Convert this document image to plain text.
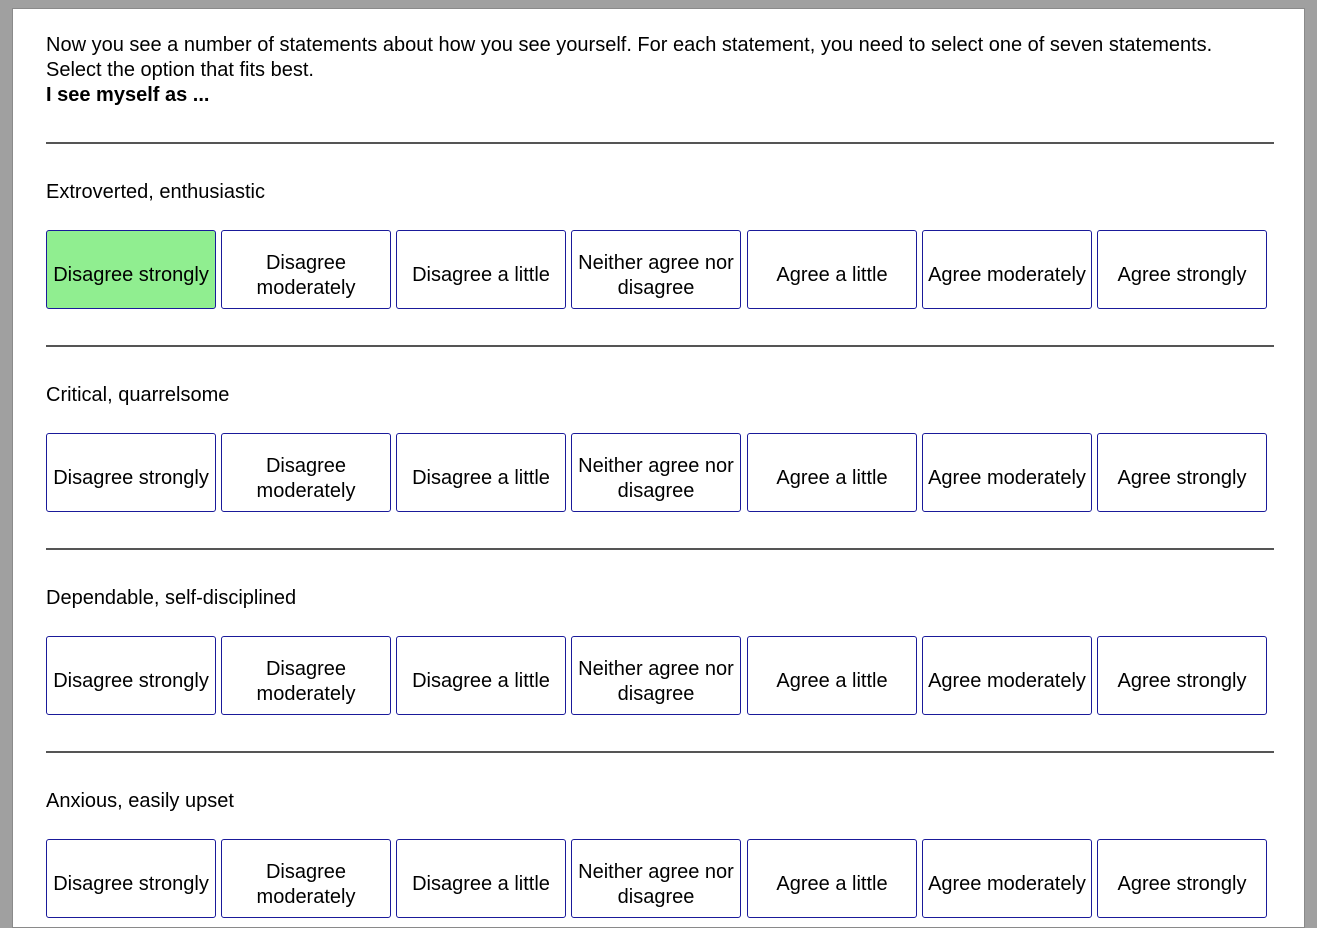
Now you see a number of statements about how you see yourself. For each statement, you need to select one of seven statements. Select the option that fits best.
I see myself as ...
Extroverted, enthusiastic
Disagree strongly
Disagree moderately
Disagree a little
Neither agree nor disagree
Agree a little	Agree moderately	Agree strongly
Critical, quarrelsome
Disagree strongly
Disagree moderately
Disagree a little
Neither agree nor disagree
Agree a little	Agree moderately	Agree strongly
Dependable, self-disciplined
Disagree strongly
Disagree moderately
Disagree a little
Neither agree nor disagree
Agree a little	Agree moderately	Agree strongly
Anxious, easily upset
Disagree strongly
Disagree moderately
Disagree a little
Neither agree nor disagree
Agree a little	Agree moderately	Agree strongly
